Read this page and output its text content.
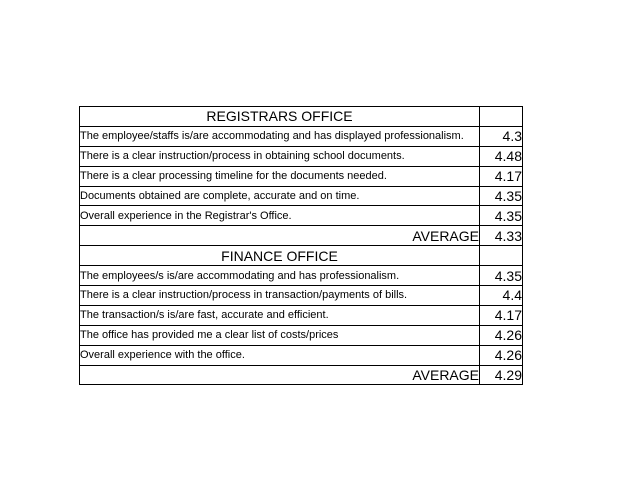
REGISTRARS OFFICE	
The employee/staffs is/are accommodating and has displayed professionalism.	4.3
There is a clear instruction/process in obtaining school documents.	4.48
There is a clear processing timeline for the documents needed.	4.17
Documents obtained are complete, accurate and on time.	4.35
Overall experience in the Registrar's Office.	4.35
AVERAGE	4.33
FINANCE OFFICE	
The employees/s is/are accommodating and has professionalism.	4.35
There is a clear instruction/process in transaction/payments of bills.	4.4
The transaction/s is/are fast, accurate and efficient.	4.17
The office has provided me a clear list of costs/prices	4.26
Overall experience with the office.	4.26
AVERAGE	4.29
